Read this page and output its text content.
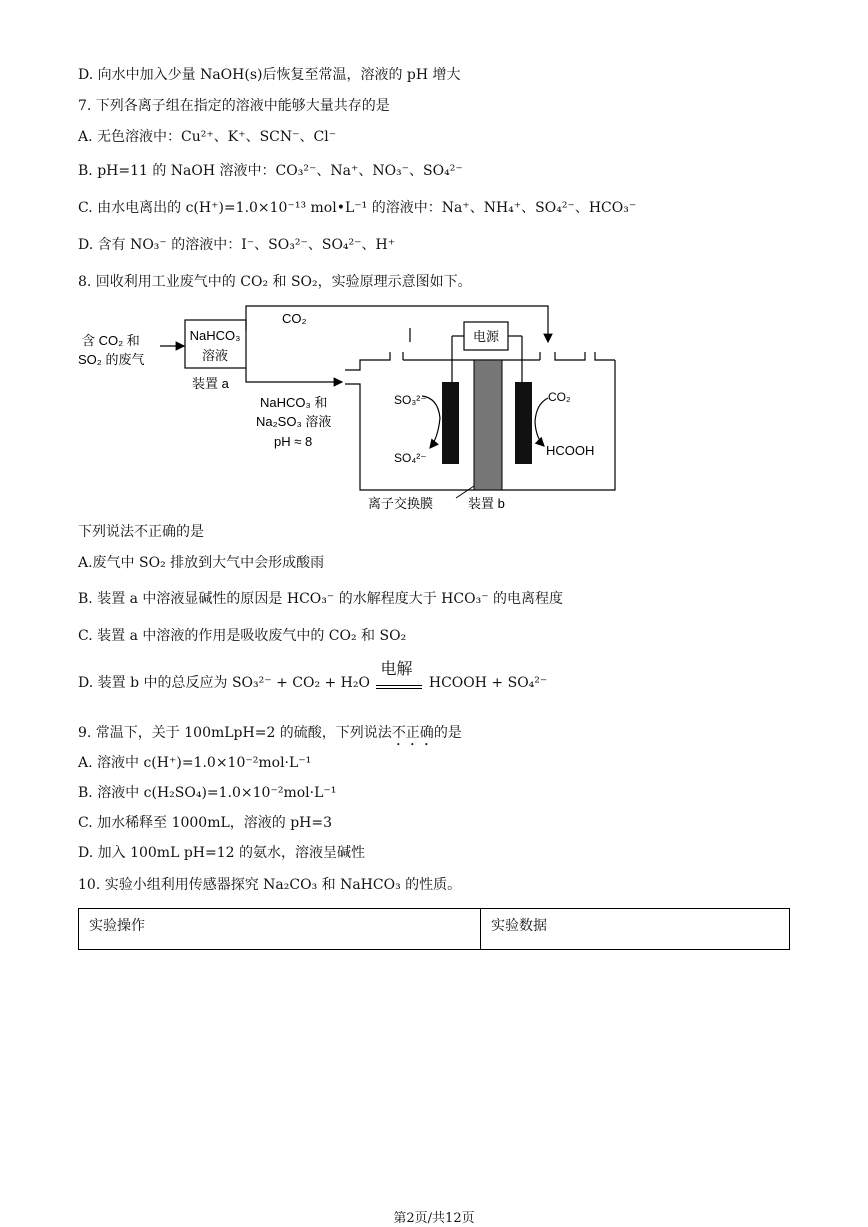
D. 向水中加入少量 NaOH(s)后恢复至常温，溶液的 pH 增大
7. 下列各离子组在指定的溶液中能够大量共存的是
A. 无色溶液中：Cu²⁺、K⁺、SCN⁻、Cl⁻
B. pH=11 的 NaOH 溶液中：CO₃²⁻、Na⁺、NO₃⁻、SO₄²⁻
C. 由水电离出的 c(H⁺)=1.0×10⁻¹³ mol•L⁻¹ 的溶液中：Na⁺、NH₄⁺、SO₄²⁻、HCO₃⁻
D. 含有 NO₃⁻ 的溶液中：I⁻、SO₃²⁻、SO₄²⁻、H⁺
8. 回收利用工业废气中的 CO₂ 和 SO₂，实验原理示意图如下。
含 CO₂ 和
SO₂ 的废气
NaHCO₃
溶液
装置 a
CO₂
NaHCO₃ 和
Na₂SO₃ 溶液
pH ≈ 8
电源
SO₃²⁻
SO₄²⁻
CO₂
HCOOH
离子交换膜	装置 b
下列说法不正确的是
A.废气中 SO₂ 排放到大气中会形成酸雨
B. 装置 a 中溶液显碱性的原因是 HCO₃⁻ 的水解程度大于 HCO₃⁻ 的电离程度
C. 装置 a 中溶液的作用是吸收废气中的 CO₂ 和 SO₂
D. 装置 b 中的总反应为 SO₃²⁻ + CO₂ + H₂O
电解
HCOOH + SO₄²⁻
9. 常温下，关于 100mLpH=2 的硫酸，下列说法不正确的是
A. 溶液中 c(H⁺)=1.0×10⁻²mol·L⁻¹
B. 溶液中 c(H₂SO₄)=1.0×10⁻²mol·L⁻¹
C. 加水稀释至 1000mL，溶液的 pH=3
D. 加入 100mL pH=12 的氨水，溶液呈碱性
10. 实验小组利用传感器探究 Na₂CO₃ 和 NaHCO₃ 的性质。
实验操作	实验数据
第2页/共12页
